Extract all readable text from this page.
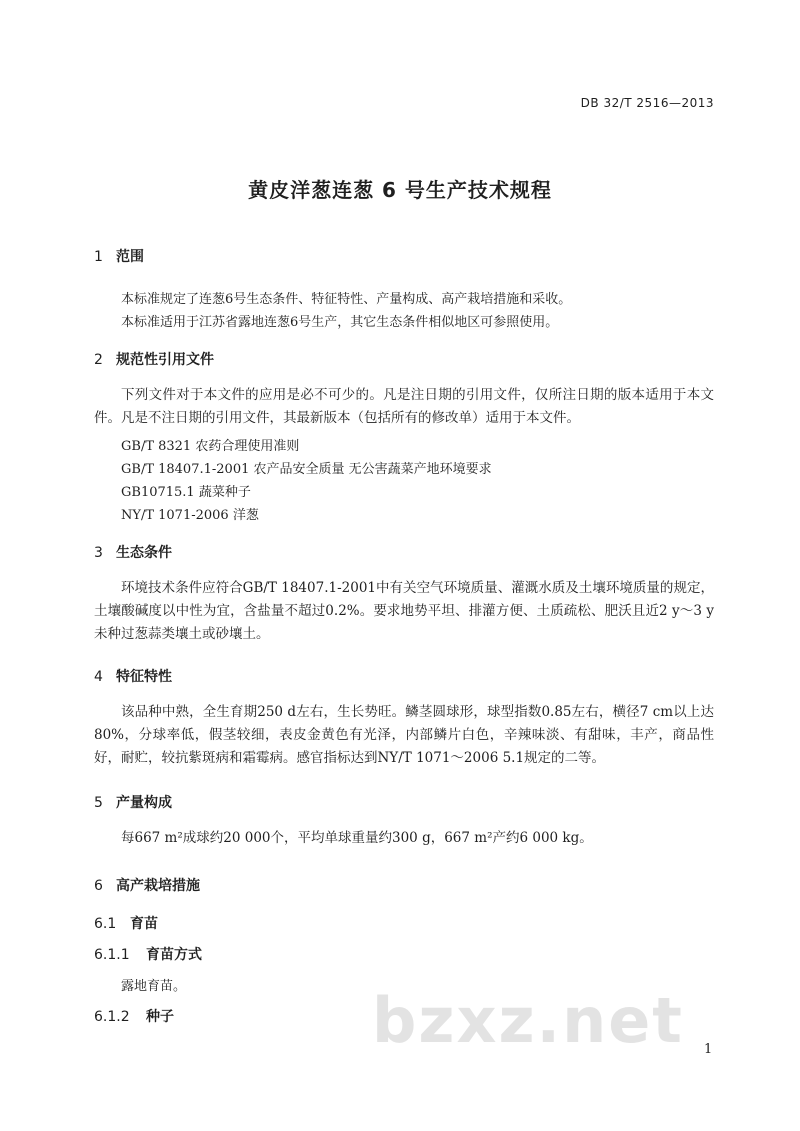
DB 32/T 2516—2013
黄皮洋葱连葱 6 号生产技术规程
1 范围
本标准规定了连葱6号生态条件、特征特性、产量构成、高产栽培措施和采收。
本标准适用于江苏省露地连葱6号生产，其它生态条件相似地区可参照使用。
2 规范性引用文件
下列文件对于本文件的应用是必不可少的。凡是注日期的引用文件，仅所注日期的版本适用于本文件。凡是不注日期的引用文件，其最新版本（包括所有的修改单）适用于本文件。
GB/T 8321 农药合理使用准则
GB/T 18407.1-2001 农产品安全质量 无公害蔬菜产地环境要求
GB10715.1 蔬菜种子
NY/T 1071-2006 洋葱
3 生态条件
环境技术条件应符合GB/T 18407.1-2001中有关空气环境质量、灌溉水质及土壤环境质量的规定，土壤酸碱度以中性为宜，含盐量不超过0.2%。要求地势平坦、排灌方便、土质疏松、肥沃且近2 y～3 y未种过葱蒜类壤土或砂壤土。
4 特征特性
该品种中熟，全生育期250 d左右，生长势旺。鳞茎圆球形，球型指数0.85左右，横径7 cm以上达80%，分球率低，假茎较细，表皮金黄色有光泽，内部鳞片白色，辛辣味淡、有甜味，丰产，商品性好，耐贮，较抗紫斑病和霜霉病。感官指标达到NY/T 1071～2006 5.1规定的二等。
5 产量构成
每667 m²成球约20 000个，平均单球重量约300 g，667 m²产约6 000 kg。
6 高产栽培措施
6.1 育苗
6.1.1 育苗方式
露地育苗。
6.1.2 种子	bzxz.net 1
